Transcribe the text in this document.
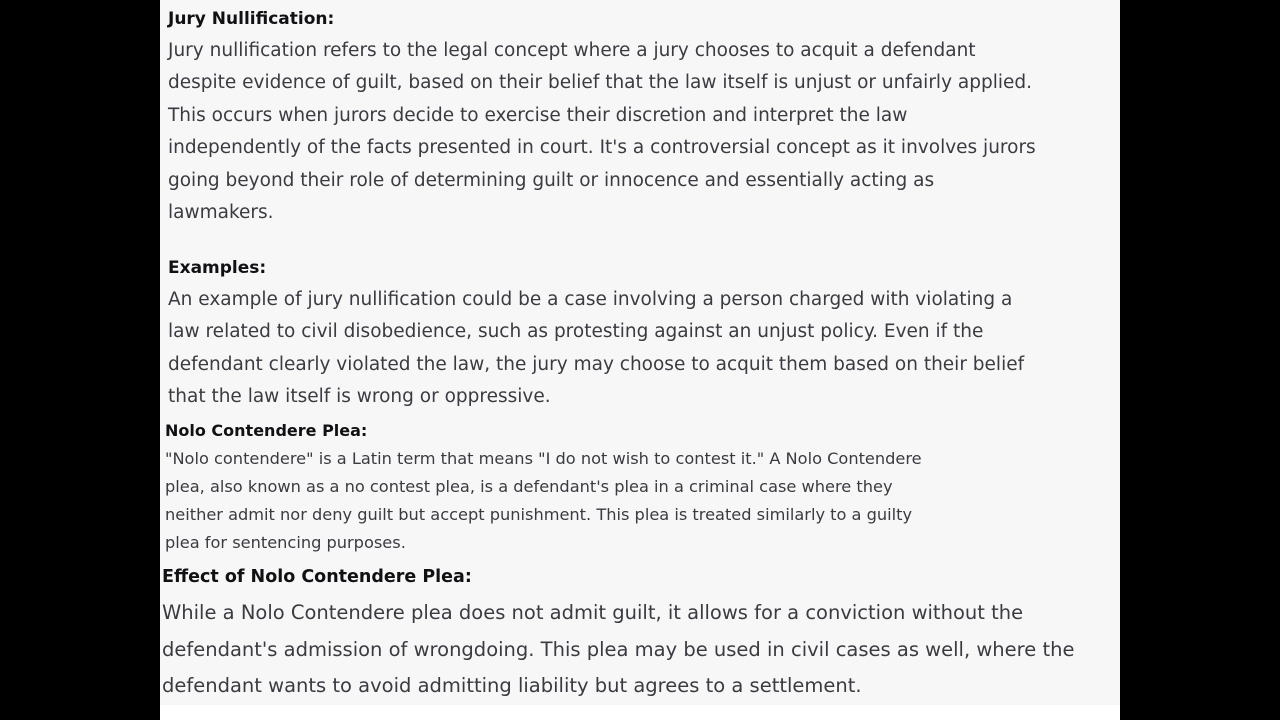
Jury Nullification:
Jury nullification refers to the legal concept where a jury chooses to acquit a defendant
despite evidence of guilt, based on their belief that the law itself is unjust or unfairly applied.
This occurs when jurors decide to exercise their discretion and interpret the law
independently of the facts presented in court. It's a controversial concept as it involves jurors
going beyond their role of determining guilt or innocence and essentially acting as
lawmakers.
Examples:
An example of jury nullification could be a case involving a person charged with violating a
law related to civil disobedience, such as protesting against an unjust policy. Even if the
defendant clearly violated the law, the jury may choose to acquit them based on their belief
that the law itself is wrong or oppressive.
Nolo Contendere Plea:
"Nolo contendere" is a Latin term that means "I do not wish to contest it." A Nolo Contendere
plea, also known as a no contest plea, is a defendant's plea in a criminal case where they
neither admit nor deny guilt but accept punishment. This plea is treated similarly to a guilty
plea for sentencing purposes.
Effect of Nolo Contendere Plea:
While a Nolo Contendere plea does not admit guilt, it allows for a conviction without the
defendant's admission of wrongdoing. This plea may be used in civil cases as well, where the
defendant wants to avoid admitting liability but agrees to a settlement.
